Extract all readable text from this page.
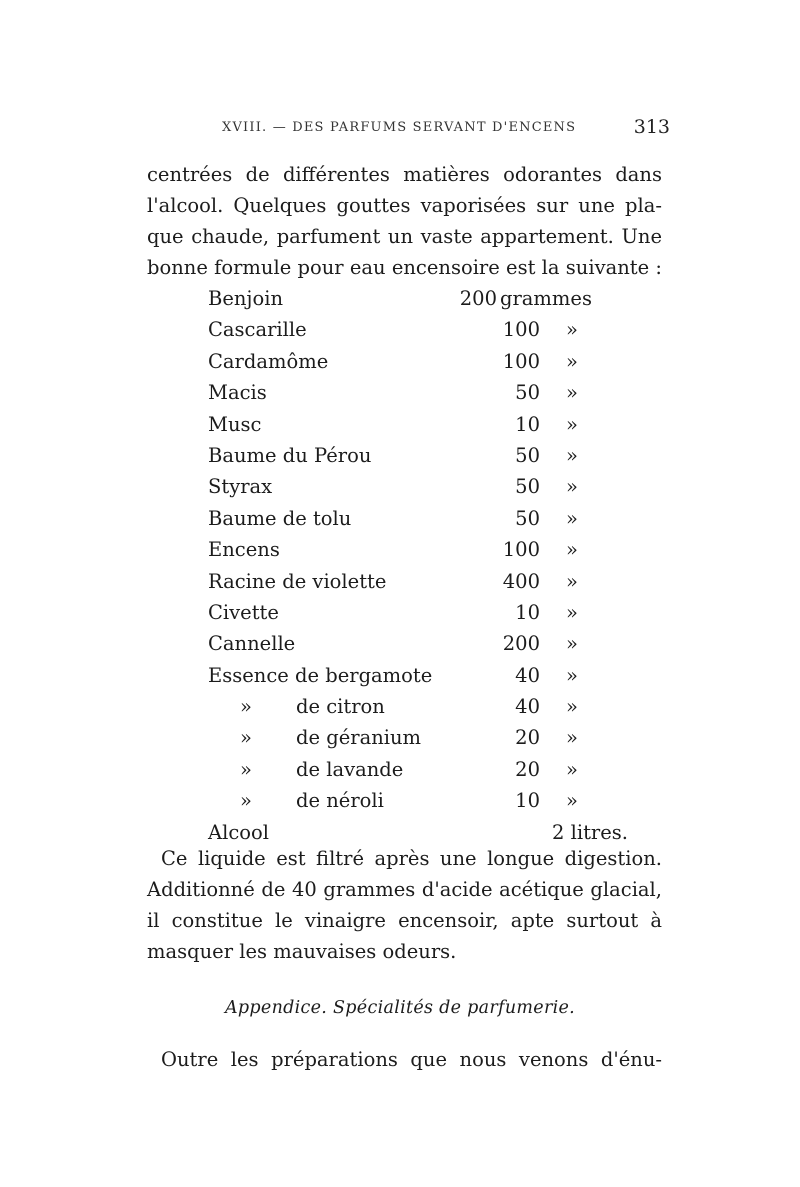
XVIII. — DES PARFUMS SERVANT D'ENCENS	313
centrées de différentes matières odorantes dans
l'alcool. Quelques gouttes vaporisées sur une pla-
que chaude, parfument un vaste appartement. Une
bonne formule pour eau encensoire est la suivante :
Benjoin	200 grammes
Cascarille	100 »
Cardamôme	100 »
Macis	50 »
Musc	10 »
Baume du Pérou	50 »
Styrax	50 »
Baume de tolu	50 »
Encens	100 »
Racine de violette	400 »
Civette	10 »
Cannelle	200 »
Essence de bergamote	40 »
» de citron	40 »
» de géranium	20 »
» de lavande	20 »
» de néroli	10 »
Alcool	2 litres.
Ce liquide est filtré après une longue digestion.
Additionné de 40 grammes d'acide acétique glacial,
il constitue le vinaigre encensoir, apte surtout à
masquer les mauvaises odeurs.
Appendice. Spécialités de parfumerie.
Outre les préparations que nous venons d'énu-
